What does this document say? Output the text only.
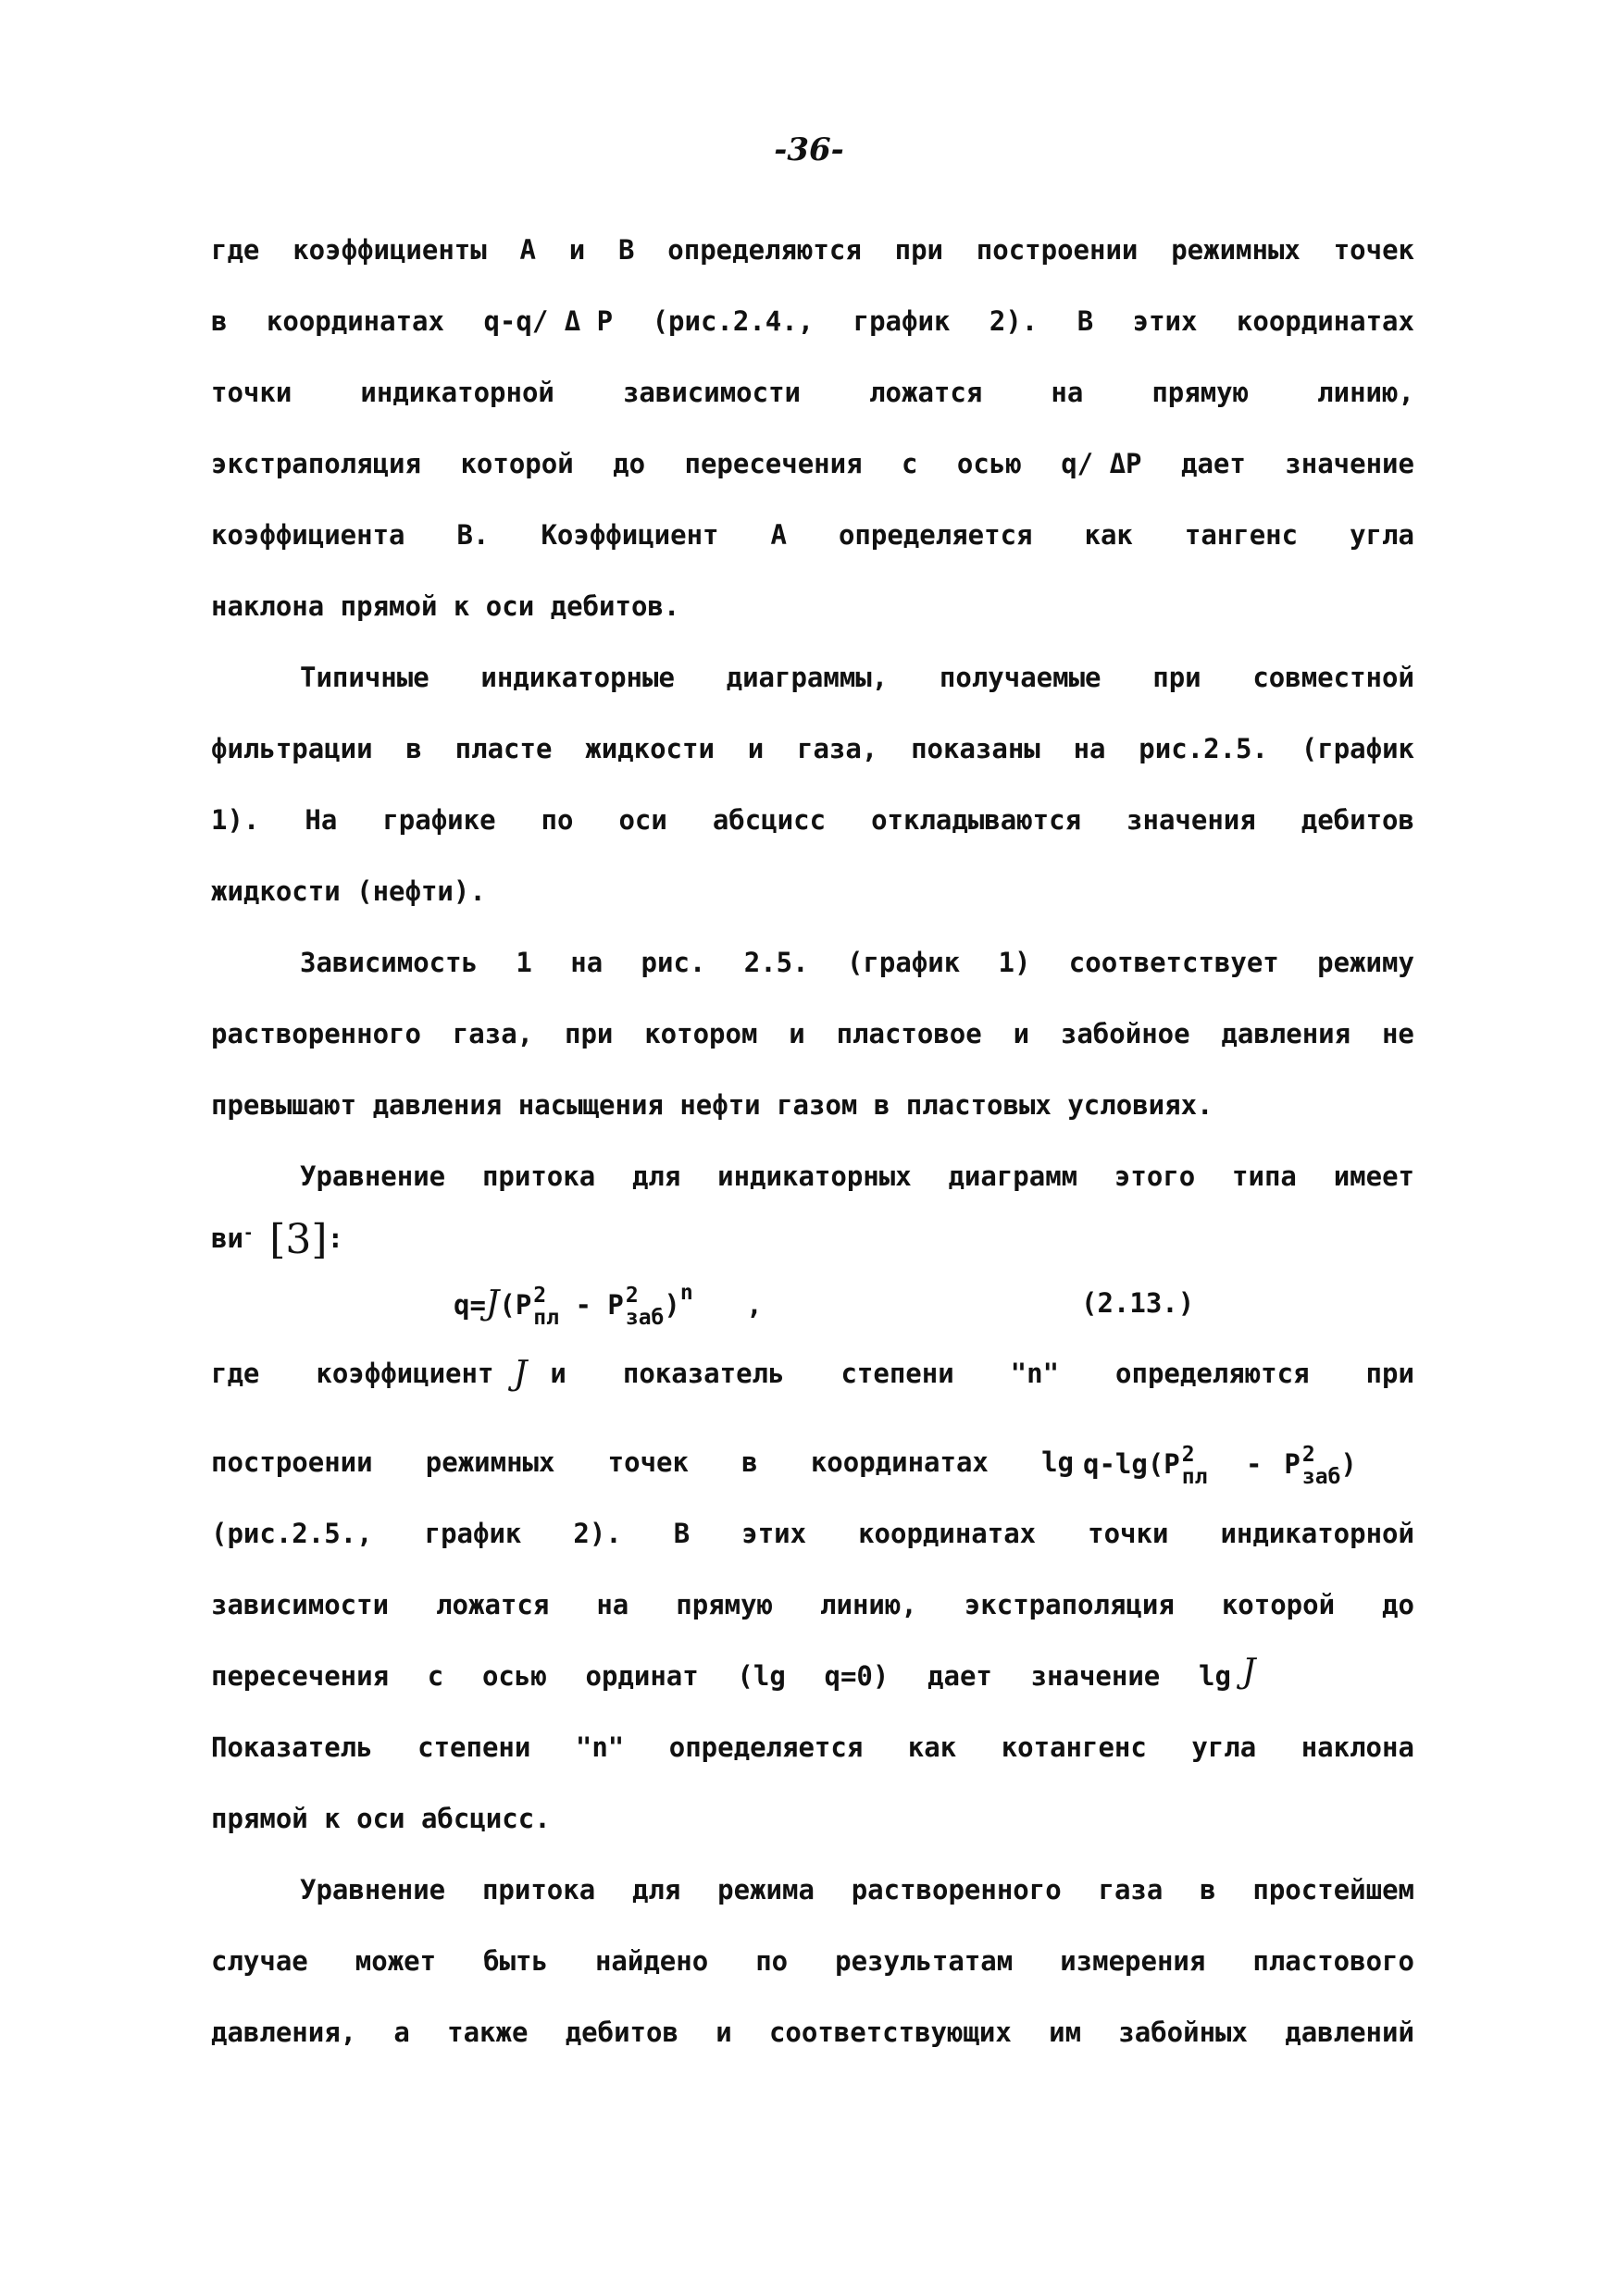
-36-
где коэффициенты А и В определяются при построении режимных точек
в координатах q-q/ Δ P (рис.2.4., график 2). В этих координатах
точки	индикаторной	зависимости	ложатся	на	прямую	линию,
экстраполяция которой до пересечения с осью q/ ΔP дает значение
коэффициента В. Коэффициент А определяется как тангенс угла
наклона прямой к оси дебитов.
Типичные индикаторные диаграммы, получаемые при совместной
фильтрации в пласте жидкости и газа, показаны на рис.2.5. (график
1). На графике по оси абсцисс откладываются значения дебитов
жидкости (нефти).
Зависимость 1 на рис. 2.5. (график 1) соответствует режиму
растворенного газа, при котором и пластовое и забойное давления не
превышают давления насыщения нефти газом в пластовых условиях.
Уравнение притока для индикаторных диаграмм этого типа имеет
где коэффициент и показатель степени "n" определяются при
построении режимных точек в координатах lg
(рис.2.5., график 2). В этих координатах точки индикаторной
зависимости ложатся на прямую линию, экстраполяция которой до
пересечения с осью ординат (lg q=0) дает значение lg
Показатель степени "n" определяется как котангенс угла наклона
прямой к оси абсцисс.
Уравнение притока для режима растворенного газа в простейшем
случае может быть найдено по результатам измерения пластового
давления, а также дебитов и соответствующих им забойных давлений
ви- [3]:
q=J(P 2
пл - P 2
заб )$^n$ ,	(2.13.)
J
q-lg(P 2
пл - P 2
заб )
J
